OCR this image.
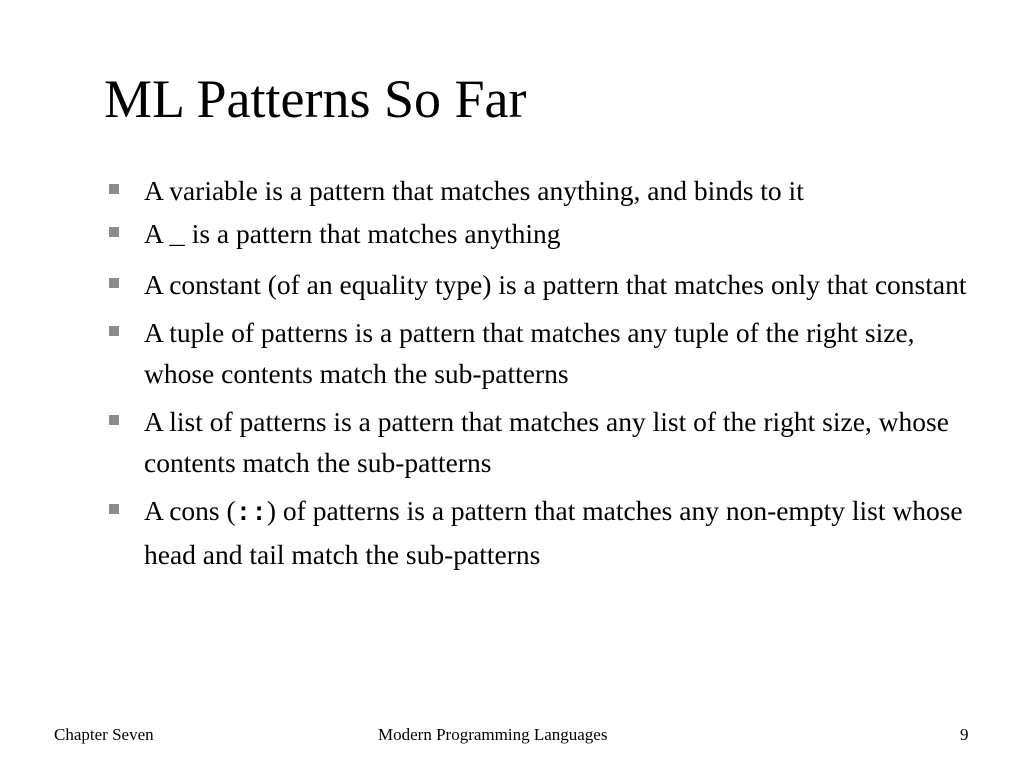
ML Patterns So Far
A variable is a pattern that matches anything, and binds to it
A _ is a pattern that matches anything
A constant (of an equality type) is a pattern that matches only that constant
A tuple of patterns is a pattern that matches any tuple of the right size, whose contents match the sub-patterns
A list of patterns is a pattern that matches any list of the right size, whose contents match the sub-patterns
A cons (::) of patterns is a pattern that matches any non-empty list whose head and tail match the sub-patterns
Chapter Seven	Modern Programming Languages	9
